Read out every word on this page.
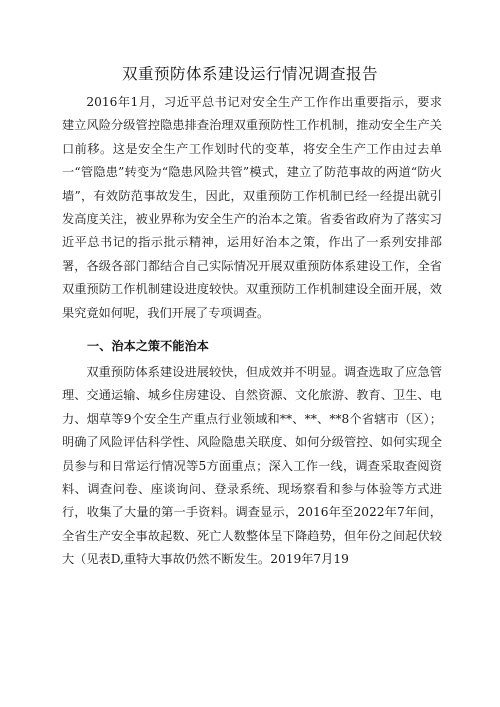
双重预防体系建设运行情况调查报告

2016年1月，习近平总书记对安全生产工作作出重要指示，要求建立风险分级管控隐患排查治理双重预防性工作机制，推动安全生产关口前移。这是安全生产工作划时代的变革，将安全生产工作由过去单一“管隐患”转变为“隐患风险共管”模式，建立了防范事故的两道“防火墙”，有效防范事故发生，因此，双重预防工作机制已经一经提出就引发高度关注，被业界称为安全生产的治本之策。省委省政府为了落实习近平总书记的指示批示精神，运用好治本之策，作出了一系列安排部署，各级各部门都结合自己实际情况开展双重预防体系建设工作，全省双重预防工作机制建设进度较快。双重预防工作机制建设全面开展，效果究竟如何呢，我们开展了专项调查。

一、治本之策不能治本

双重预防体系建设进展较快，但成效并不明显。调查选取了应急管理、交通运输、城乡住房建设、自然资源、文化旅游、教育、卫生、电力、烟草等9个安全生产重点行业领域和**、**、**8个省辖市（区）；明确了风险评估科学性、风险隐患关联度、如何分级管控、如何实现全员参与和日常运行情况等5方面重点；深入工作一线，调查采取查阅资料、调查问卷、座谈询问、登录系统、现场察看和参与体验等方式进行，收集了大量的第一手资料。调查显示，2016年至2022年7年间，全省生产安全事故起数、死亡人数整体呈下降趋势，但年份之间起伏较大（见表D,重特大事故仍然不断发生。2019年7月19
